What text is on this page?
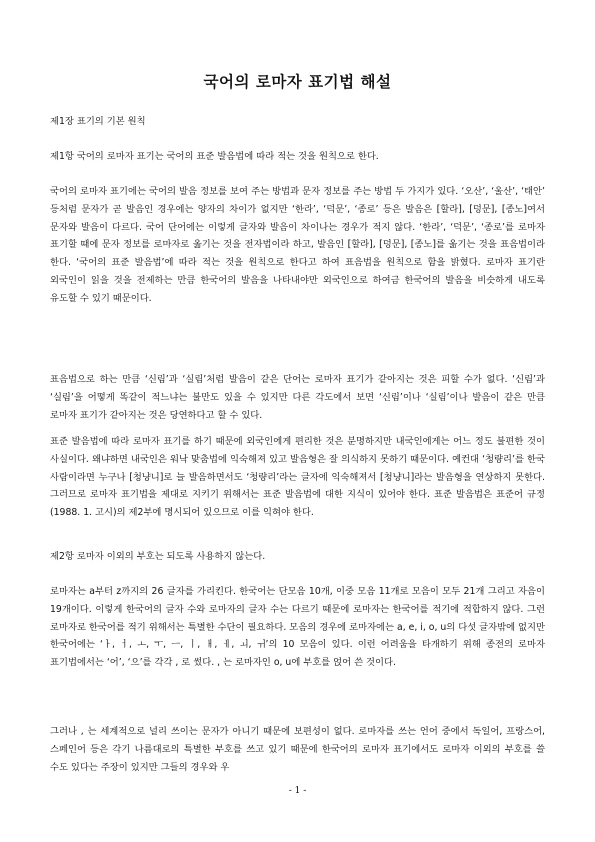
국어의 로마자 표기법 해설

제1장 표기의 기본 원칙

제1항 국어의 로마자 표기는 국어의 표준 발음법에 따라 적는 것을 원칙으로 한다.

국어의 로마자 표기에는 국어의 발음 정보를 보여 주는 방법과 문자 정보를 주는 방법 두 가지가 있다. ‘오산’, ‘울산’, ‘태안’ 등처럼 문자가 곧 발음인 경우에는 양자의 차이가 없지만 ‘한라’, ‘덕문’, ‘종로’ 등은 발음은 [할라], [덩문], [종노]여서 문자와 발음이 다르다. 국어 단어에는 이렇게 글자와 발음이 차이나는 경우가 적지 않다. ‘한라’, ‘덕문’, ‘종로’를 로마자 표기할 때에 문자 정보를 로마자로 옮기는 것을 전자법이라 하고, 발음인 [할라], [덩문], [종노]를 옮기는 것을 표음법이라 한다. ‘국어의 표준 발음법’에 따라 적는 것을 원칙으로 한다고 하여 표음법을 원칙으로 함을 밝혔다. 로마자 표기란 외국인이 읽을 것을 전제하는 만큼 한국어의 발음을 나타내야만 외국인으로 하여금 한국어의 발음을 비슷하게 내도록 유도할 수 있기 때문이다.

표음법으로 하는 만큼 ‘신림’과 ‘실림’처럼 발음이 같은 단어는 로마자 표기가 같아지는 것은 피할 수가 없다. ‘신림’과 ‘실림’을 어떻게 똑같이 적느냐는 불만도 있을 수 있지만 다른 각도에서 보면 ‘신림’이나 ‘실림’이나 발음이 같은 만큼 로마자 표기가 같아지는 것은 당연하다고 할 수 있다.

표준 발음법에 따라 로마자 표기를 하기 때문에 외국인에게 편리한 것은 분명하지만 내국인에게는 어느 정도 불편한 것이 사실이다. 왜냐하면 내국인은 워낙 맞춤법에 익숙해져 있고 발음형은 잘 의식하지 못하기 때문이다. 예컨대 ‘청량리’를 한국 사람이라면 누구나 [청냥니]로 늘 발음하면서도 ‘청량리’라는 글자에 익숙해져서 [청냥니]라는 발음형을 연상하지 못한다. 그러므로 로마자 표기법을 제대로 지키기 위해서는 표준 발음법에 대한 지식이 있어야 한다. 표준 발음법은 표준어 규정(1988. 1. 고시)의 제2부에 명시되어 있으므로 이를 익혀야 한다.

제2항 로마자 이외의 부호는 되도록 사용하지 않는다.

로마자는 a부터 z까지의 26 글자를 가리킨다. 한국어는 단모음 10개, 이중 모음 11개로 모음이 모두 21개 그리고 자음이 19개이다. 이렇게 한국어의 글자 수와 로마자의 글자 수는 다르기 때문에 로마자는 한국어를 적기에 적합하지 않다. 그런 로마자로 한국어를 적기 위해서는 특별한 수단이 필요하다. 모음의 경우에 로마자에는 a, e, i, o, u의 다섯 글자밖에 없지만 한국어에는 ‘ㅏ, ㅓ, ㅗ, ㅜ, ㅡ, ㅣ, ㅐ, ㅔ, ㅚ, ㅟ’의 10 모음이 있다. 이런 어려움을 타개하기 위해 종전의 로마자 표기법에서는 ‘어’, ‘으’를 각각 , 로 썼다. , 는 로마자인 o, u에 부호를 얹어 쓴 것이다.

그러나 , 는 세계적으로 널리 쓰이는 문자가 아니기 때문에 보편성이 없다. 로마자를 쓰는 언어 중에서 독일어, 프랑스어, 스페인어 등은 각기 나름대로의 특별한 부호를 쓰고 있기 때문에 한국어의 로마자 표기에서도 로마자 이외의 부호를 쓸 수도 있다는 주장이 있지만 그들의 경우와 우

- 1 -
